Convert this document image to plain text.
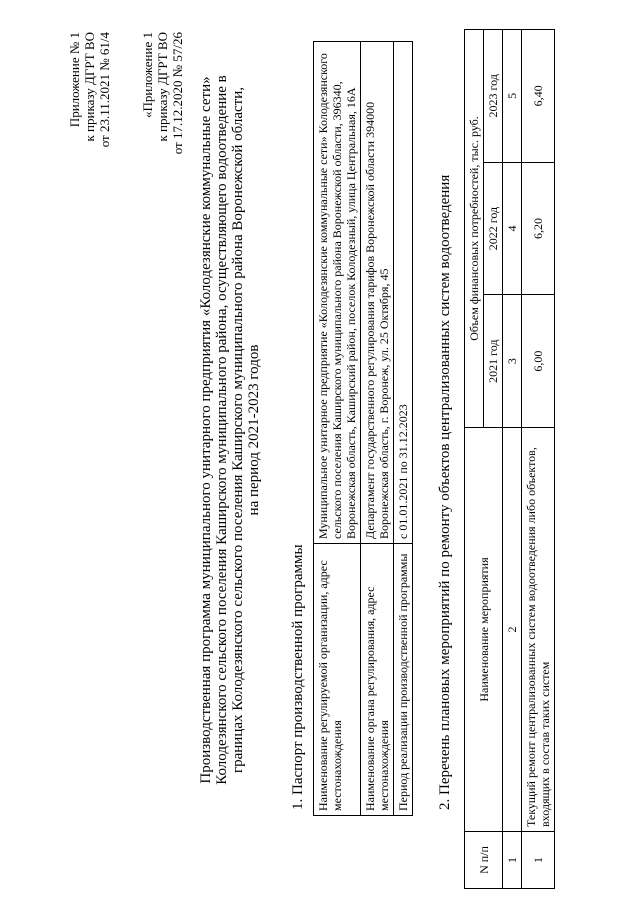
Приложение № 1 к приказу ДГРТ ВО от 23.11.2021 № 61/4 «Приложение 1 к приказу ДГРТ ВО от 17.12.2020 № 57/26 Производственная программа муниципального унитарного предприятия «Колодезянские коммунальные сети» Колодезянского сельского поселения Каширского муниципального района, осуществляющего водоотведение в границах Колодезянского сельского поселения Каширского муниципального района Воронежской области, на период 2021-2023 годов
1. Паспорт производственной программы Наименование регулируемой организации, адрес местонахождения	Муниципальное унитарное предприятие «Колодезянские коммунальные сети» Колодезянского сельского поселения Каширского муниципального района Воронежской области, 396340, Воронежская область, Каширский район, поселок Колодезный, улица Центральная, 16А
Наименование органа регулирования, адрес местонахождения	Департамент государственного регулирования тарифов Воронежской области 394000 Воронежская область, г. Воронеж, ул. 25 Октября, 45
Период реализации производственной программы	с 01.01.2021 по 31.12.2023 2. Перечень плановых мероприятий по ремонту объектов централизованных систем водоотведения
N п/п	Наименование мероприятия	Объем финансовых потребностей, тыс. руб.		
		2021 год	2022 год	2023 год
1	2	3	4	5
1	Текущий ремонт централизованных систем водоотведения либо объектов, входящих в состав таких систем	6,00	6,20	6,40
